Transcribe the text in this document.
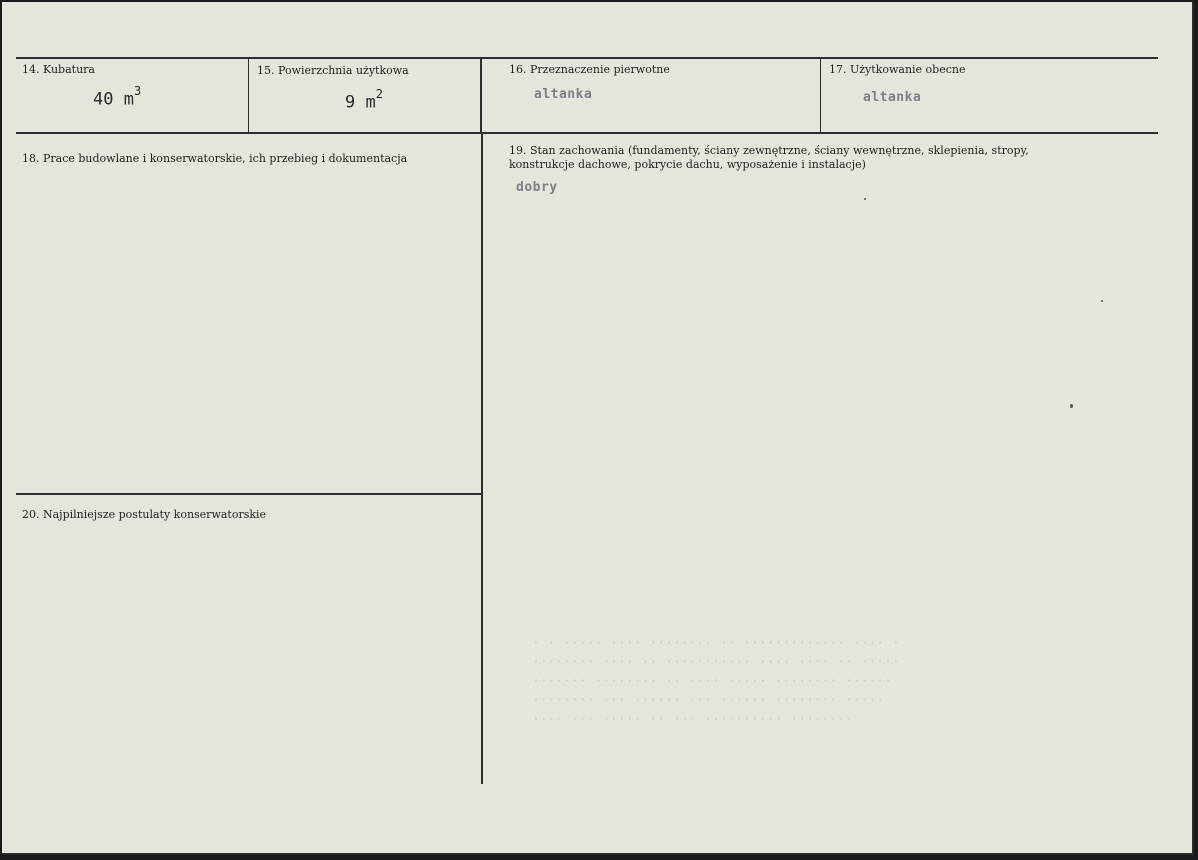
14. Kubatura
40 $m^3$
15. Powierzchnia użytkowa
9 $m^2$
16. Przeznaczenie pierwotne
altanka
17. Użytkowanie obecne
altanka
18. Prace budowlane i konserwatorskie, ich przebieg i dokumentacja
19. Stan zachowania (fundamenty, ściany zewnętrzne, ściany wewnętrzne, sklepienia, stropy,
konstrukcje dachowe, pokrycie dachu, wyposażenie i instalacje)
dobry
20. Najpilniejsze postulaty konserwatorskie
· · ····· ···· ········ ·· ············· ···· ·
········ ···· ·· ··········· ···· ···· ·· ·····
······· ········ ·· ···· ····· ········ ······
········ ··· ······ ··· ······ ········ ·····
···· ··· ····· ·· ··· ·········· ········
